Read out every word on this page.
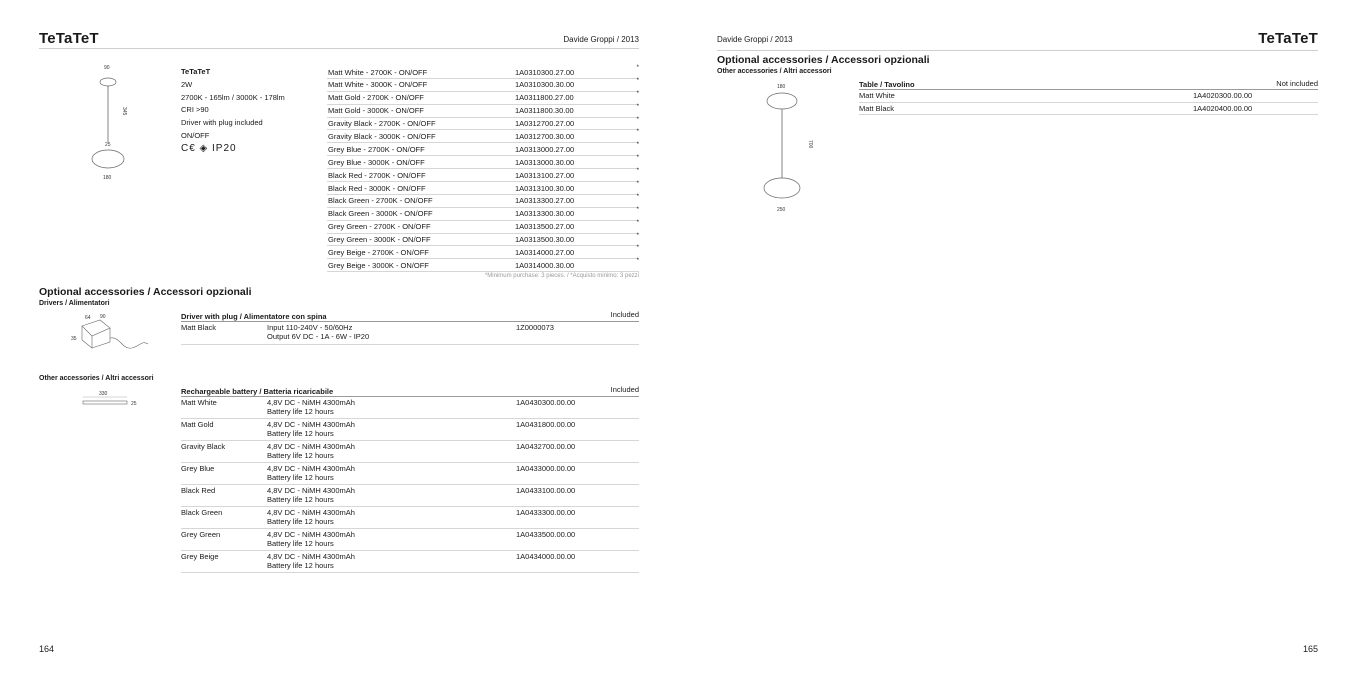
TeTaTeT	Davide Groppi / 2013
90
345
25
180
TeTaTeT
2W
2700K - 165lm / 3000K - 178lm
CRI >90
Driver with plug included
ON/OFF
C€ ◈ IP20
Matt White - 2700K - ON/OFF	1A0310300.27.00	*
Matt White - 3000K - ON/OFF	1A0310300.30.00	*
Matt Gold - 2700K - ON/OFF	1A0311800.27.00	*
Matt Gold - 3000K - ON/OFF	1A0311800.30.00	*
Gravity Black - 2700K - ON/OFF	1A0312700.27.00	*
Gravity Black - 3000K - ON/OFF	1A0312700.30.00	*
Grey Blue - 2700K - ON/OFF	1A0313000.27.00	*
Grey Blue - 3000K - ON/OFF	1A0313000.30.00	*
Black Red - 2700K - ON/OFF	1A0313100.27.00	*
Black Red - 3000K - ON/OFF	1A0313100.30.00	*
Black Green - 2700K - ON/OFF	1A0313300.27.00	*
Black Green - 3000K - ON/OFF	1A0313300.30.00	*
Grey Green - 2700K - ON/OFF	1A0313500.27.00	*
Grey Green - 3000K - ON/OFF	1A0313500.30.00	*
Grey Beige - 2700K - ON/OFF	1A0314000.27.00	*
Grey Beige - 3000K - ON/OFF	1A0314000.30.00	*
*Minimum purchase: 3 pieces. / *Acquisto minimo: 3 pezzi
Optional accessories / Accessori opzionali
Drivers / Alimentatori
64 90
35
Driver with plug / Alimentatore con spina	Included
Matt Black	Input 110-240V - 50/60Hz
Output 6V DC - 1A - 6W - IP20
1Z0000073
Other accessories / Altri accessori
330
25
Rechargeable battery / Batteria ricaricabile	Included
Matt White	4,8V DC - NiMH 4300mAh
Battery life 12 hours
1A0430300.00.00
Matt Gold	4,8V DC - NiMH 4300mAh
Battery life 12 hours
1A0431800.00.00
Gravity Black	4,8V DC - NiMH 4300mAh
Battery life 12 hours
1A0432700.00.00
Grey Blue	4,8V DC - NiMH 4300mAh
Battery life 12 hours
1A0433000.00.00
Black Red	4,8V DC - NiMH 4300mAh
Battery life 12 hours
1A0433100.00.00
Black Green	4,8V DC - NiMH 4300mAh
Battery life 12 hours
1A0433300.00.00
Grey Green	4,8V DC - NiMH 4300mAh
Battery life 12 hours
1A0433500.00.00
Grey Beige	4,8V DC - NiMH 4300mAh
Battery life 12 hours
1A0434000.00.00
164
Davide Groppi / 2013	TeTaTeT
Optional accessories / Accessori opzionali
Other accessories / Altri accessori
180
700
250
Table / Tavolino	Not included
Matt White	1A4020300.00.00
Matt Black	1A4020400.00.00
165
